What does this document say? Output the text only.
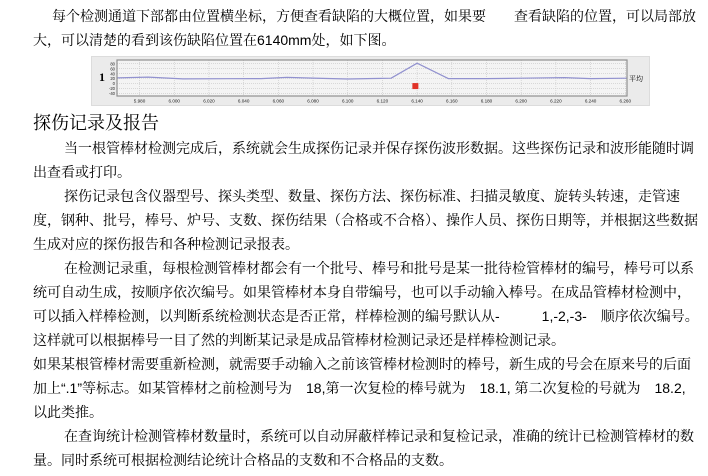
每个检测通道下部都由位置横坐标，方便查看缺陷的大概位置，如果要　　查看缺陷的位置，可以局部放大，可以清楚的看到该伤缺陷位置在6140mm处，如下图。

1
5.980	6.000	6.020	6.040	6.060	6.080	6.100	6.120	6.140	6.160	6.180	6.200	6.220	6.240	6.260
80
60
40
20
0
-20
-40
平均
探伤记录及报告

当一根管棒材检测完成后，系统就会生成探伤记录并保存探伤波形数据。这些探伤记录和波形能随时调出查看或打印。

探伤记录包含仪器型号、探头类型、数量、探伤方法、探伤标准、扫描灵敏度、旋转头转速，走管速度，钢种、批号，棒号、炉号、支数、探伤结果（合格或不合格）、操作人员、探伤日期等，并根据这些数据生成对应的探伤报告和各种检测记录报表。

在检测记录重，每根检测管棒材都会有一个批号、棒号和批号是某一批待检管棒材的编号，棒号可以系统可自动生成，按顺序依次编号。如果管棒材本身自带编号，也可以手动输入棒号。在成品管棒材检测中，可以插入样棒检测，以判断系统检测状态是否正常，样棒检测的编号默认从-　　　1,-2,-3-　顺序依次编号。这样就可以根据棒号一目了然的判断某记录是成品管棒材检测记录还是样棒检测记录。

如果某根管棒材需要重新检测，就需要手动输入之前该管棒材检测时的棒号，新生成的号会在原来号的后面加上“.1”等标志。如某管棒材之前检测号为　18,第一次复检的棒号就为　18.1, 第二次复检的号就为　18.2, 以此类推。

在查询统计检测管棒材数量时，系统可以自动屏蔽样棒记录和复检记录，准确的统计已检测管棒材的数量。同时系统可根据检测结论统计合格品的支数和不合格品的支数。
